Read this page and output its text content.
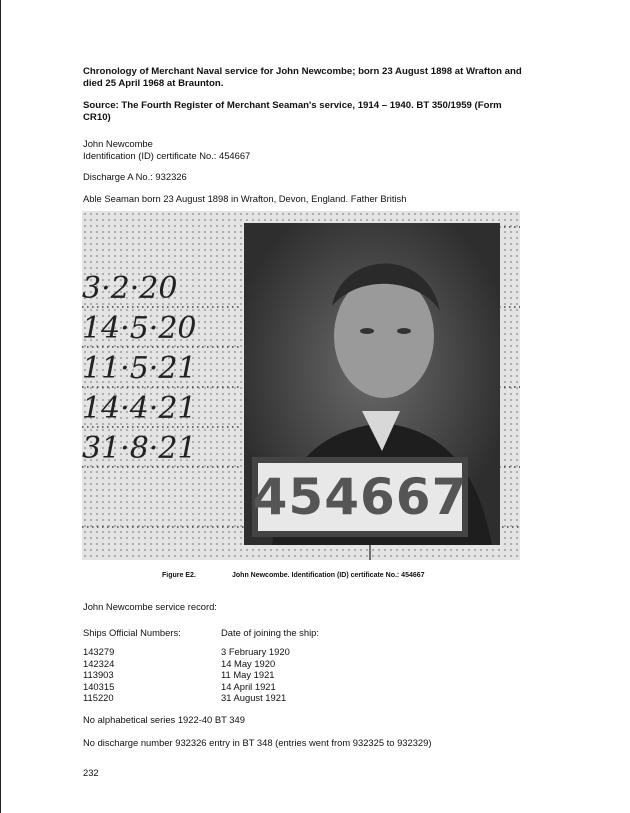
Chronology of Merchant Naval service for John Newcombe; born 23 August 1898 at Wrafton and died 25 April 1968 at Braunton.

Source: The Fourth Register of Merchant Seaman's service, 1914 – 1940. BT 350/1959 (Form CR10)

John Newcombe

Identification (ID) certificate No.: 454667

Discharge A No.: 932326

Able Seaman born 23 August 1898 in Wrafton, Devon, England. Father British

3·2·20
14·5·20
11·5·21
14·4·21
31·8·21
454667
Figure E2.	John Newcombe. Identification (ID) certificate No.: 454667

John Newcombe service record:

Ships Official Numbers:	Date of joining the ship:
143279
142324
113903
140315
115220
3 February 1920
14 May 1920
11 May 1921
14 April 1921
31 August 1921
No alphabetical series 1922-40 BT 349
No discharge number 932326 entry in BT 348 (entries went from 932325 to 932329)
232
